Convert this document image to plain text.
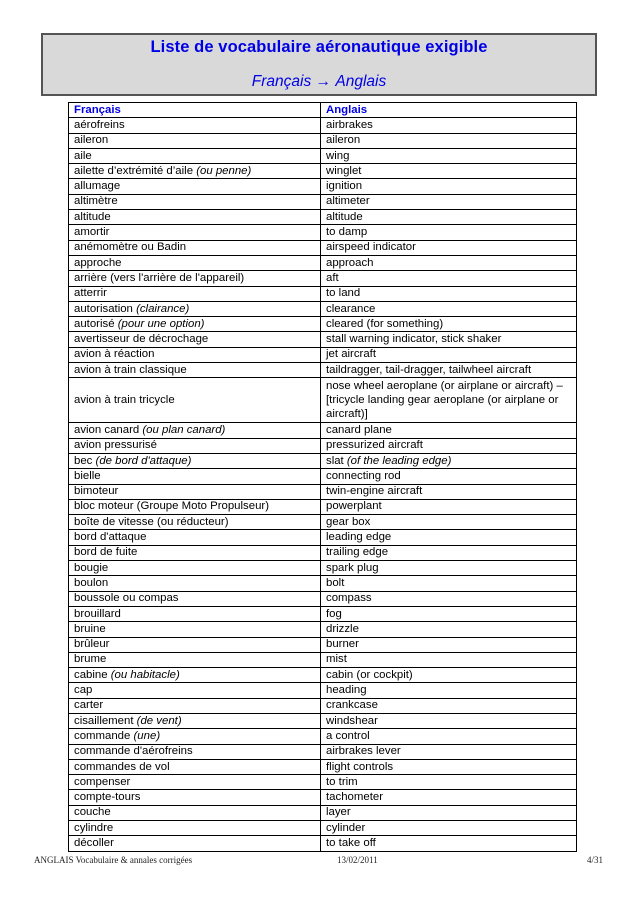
Liste de vocabulaire aéronautique exigible
Français → Anglais
Français	Anglais
aérofreins	airbrakes
aileron	aileron
aile	wing
ailette d’extrémité d’aile (ou penne)	winglet
allumage	ignition
altimètre	altimeter
altitude	altitude
amortir	to damp
anémomètre ou Badin	airspeed indicator
approche	approach
arrière (vers l'arrière de l'appareil)	aft
atterrir	to land
autorisation (clairance)	clearance
autorisé (pour une option)	cleared (for something)
avertisseur de décrochage	stall warning indicator, stick shaker
avion à réaction	jet aircraft
avion à train classique	taildragger, tail-dragger, tailwheel aircraft
avion à train tricycle	nose wheel aeroplane (or airplane or aircraft) – [tricycle landing gear aeroplane (or airplane or aircraft)]
avion canard (ou plan canard)	canard plane
avion pressurisé	pressurized aircraft
bec (de bord d'attaque)	slat (of the leading edge)
bielle	connecting rod
bimoteur	twin-engine aircraft
bloc moteur (Groupe Moto Propulseur)	powerplant
boîte de vitesse (ou réducteur)	gear box
bord d'attaque	leading edge
bord de fuite	trailing edge
bougie	spark plug
boulon	bolt
boussole ou compas	compass
brouillard	fog
bruine	drizzle
brûleur	burner
brume	mist
cabine (ou habitacle)	cabin (or cockpit)
cap	heading
carter	crankcase
cisaillement (de vent)	windshear
commande (une)	a control
commande d'aérofreins	airbrakes lever
commandes de vol	flight controls
compenser	to trim
compte-tours	tachometer
couche	layer
cylindre	cylinder
décoller	to take off
ANGLAIS Vocabulaire & annales corrigées	13/02/2011	4/31
